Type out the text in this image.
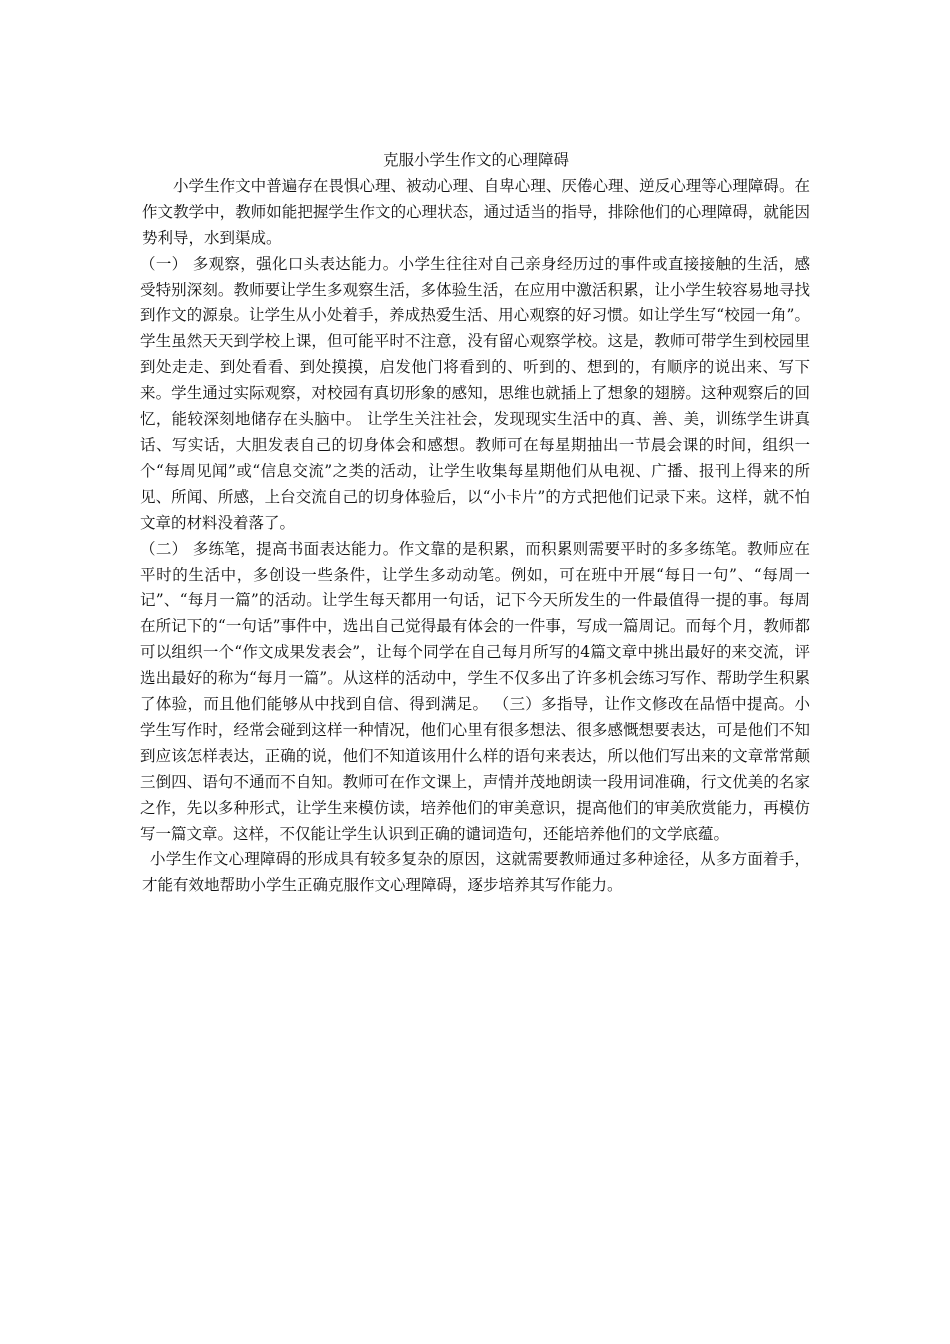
克服小学生作文的心理障碍

小学生作文中普遍存在畏惧心理、被动心理、自卑心理、厌倦心理、逆反心理等心理障碍。在作文教学中，教师如能把握学生作文的心理状态，通过适当的指导，排除他们的心理障碍，就能因势利导，水到渠成。

（一） 多观察，强化口头表达能力。小学生往往对自己亲身经历过的事件或直接接触的生活，感受特别深刻。教师要让学生多观察生活，多体验生活，在应用中激活积累，让小学生较容易地寻找到作文的源泉。让学生从小处着手，养成热爱生活、用心观察的好习惯。如让学生写“校园一角”。学生虽然天天到学校上课，但可能平时不注意，没有留心观察学校。这是，教师可带学生到校园里到处走走、到处看看、到处摸摸，启发他门将看到的、听到的、想到的，有顺序的说出来、写下来。学生通过实际观察，对校园有真切形象的感知，思维也就插上了想象的翅膀。这种观察后的回忆，能较深刻地储存在头脑中。 让学生关注社会，发现现实生活中的真、善、美，训练学生讲真话、写实话，大胆发表自己的切身体会和感想。教师可在每星期抽出一节晨会课的时间，组织一个“每周见闻”或“信息交流”之类的活动，让学生收集每星期他们从电视、广播、报刊上得来的所见、所闻、所感，上台交流自己的切身体验后，以“小卡片”的方式把他们记录下来。这样，就不怕文章的材料没着落了。

（二） 多练笔，提高书面表达能力。作文靠的是积累，而积累则需要平时的多多练笔。教师应在平时的生活中，多创设一些条件，让学生多动动笔。例如，可在班中开展“每日一句”、“每周一记”、“每月一篇”的活动。让学生每天都用一句话，记下今天所发生的一件最值得一提的事。每周在所记下的“一句话”事件中，选出自己觉得最有体会的一件事，写成一篇周记。而每个月，教师都可以组织一个“作文成果发表会”，让每个同学在自己每月所写的4篇文章中挑出最好的来交流，评选出最好的称为“每月一篇”。从这样的活动中，学生不仅多出了许多机会练习写作、帮助学生积累了体验，而且他们能够从中找到自信、得到满足。 （三）多指导，让作文修改在品悟中提高。小学生写作时，经常会碰到这样一种情况，他们心里有很多想法、很多感慨想要表达，可是他们不知到应该怎样表达，正确的说，他们不知道该用什么样的语句来表达，所以他们写出来的文章常常颠三倒四、语句不通而不自知。教师可在作文课上，声情并茂地朗读一段用词准确，行文优美的名家之作，先以多种形式，让学生来模仿读，培养他们的审美意识，提高他们的审美欣赏能力，再模仿写一篇文章。这样，不仅能让学生认识到正确的谴词造句，还能培养他们的文学底蕴。

小学生作文心理障碍的形成具有较多复杂的原因，这就需要教师通过多种途径，从多方面着手，才能有效地帮助小学生正确克服作文心理障碍，逐步培养其写作能力。
